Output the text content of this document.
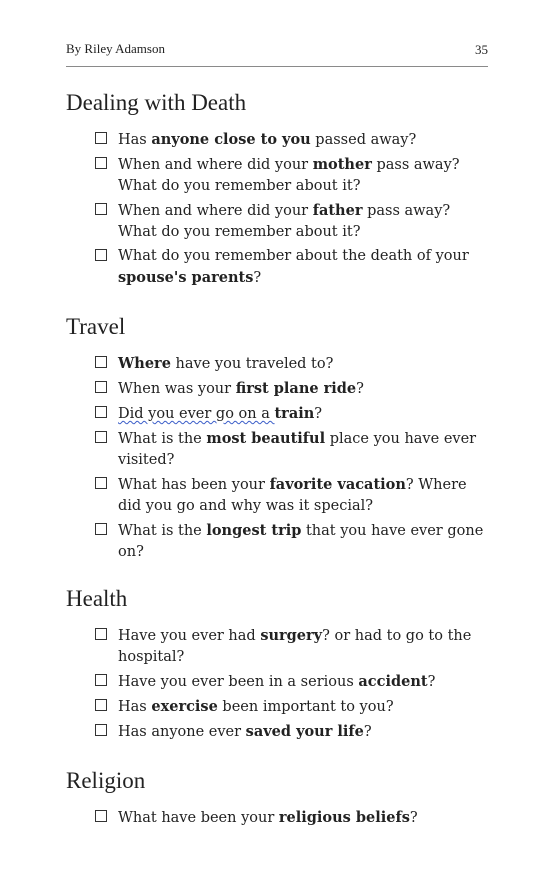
By Riley Adamson	35
Dealing with Death
Has anyone close to you passed away?
When and where did your mother pass away? What do you remember about it?
When and where did your father pass away? What do you remember about it?
What do you remember about the death of your spouse's parents?
Travel
Where have you traveled to?
When was your first plane ride?
Did you ever go on a train?
What is the most beautiful place you have ever visited?
What has been your favorite vacation? Where did you go and why was it special?
What is the longest trip that you have ever gone on?
Health
Have you ever had surgery? or had to go to the hospital?
Have you ever been in a serious accident?
Has exercise been important to you?
Has anyone ever saved your life?
Religion
What have been your religious beliefs?
